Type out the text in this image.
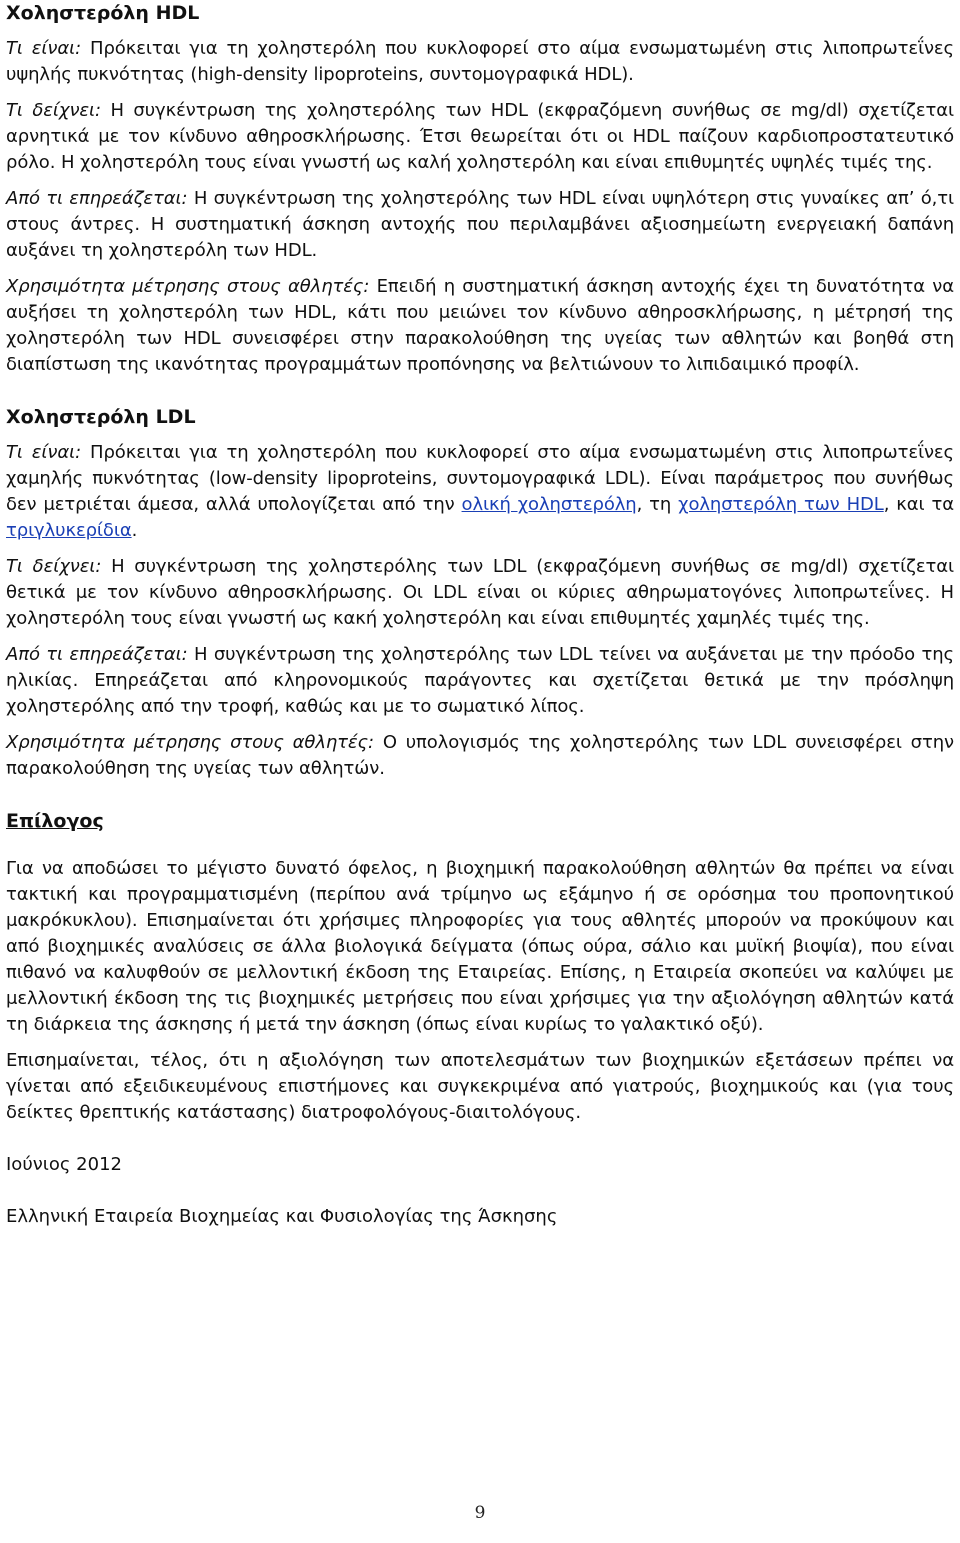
Χοληστερόλη HDL

Τι είναι: Πρόκειται για τη χοληστερόλη που κυκλοφορεί στο αίμα ενσωματωμένη στις λιποπρωτεΐνες υψηλής πυκνότητας (high-density lipoproteins, συντομογραφικά HDL).

Τι δείχνει: Η συγκέντρωση της χοληστερόλης των HDL (εκφραζόμενη συνήθως σε mg/dl) σχετίζεται αρνητικά με τον κίνδυνο αθηροσκλήρωσης. Έτσι θεωρείται ότι οι HDL παίζουν καρδιοπροστατευτικό ρόλο. Η χοληστερόλη τους είναι γνωστή ως καλή χοληστερόλη και είναι επιθυμητές υψηλές τιμές της.

Από τι επηρεάζεται: Η συγκέντρωση της χοληστερόλης των HDL είναι υψηλότερη στις γυναίκες απ’ ό,τι στους άντρες. Η συστηματική άσκηση αντοχής που περιλαμβάνει αξιοσημείωτη ενεργειακή δαπάνη αυξάνει τη χοληστερόλη των HDL.

Χρησιμότητα μέτρησης στους αθλητές: Επειδή η συστηματική άσκηση αντοχής έχει τη δυνατότητα να αυξήσει τη χοληστερόλη των HDL, κάτι που μειώνει τον κίνδυνο αθηροσκλήρωσης, η μέτρησή της χοληστερόλη των HDL συνεισφέρει στην παρακολούθηση της υγείας των αθλητών και βοηθά στη διαπίστωση της ικανότητας προγραμμάτων προπόνησης να βελτιώνουν το λιπιδαιμικό προφίλ.

Χοληστερόλη LDL

Τι είναι: Πρόκειται για τη χοληστερόλη που κυκλοφορεί στο αίμα ενσωματωμένη στις λιποπρωτεΐνες χαμηλής πυκνότητας (low-density lipoproteins, συντομογραφικά LDL). Είναι παράμετρος που συνήθως δεν μετριέται άμεσα, αλλά υπολογίζεται από την ολική χοληστερόλη, τη χοληστερόλη των HDL, και τα τριγλυκερίδια.

Τι δείχνει: Η συγκέντρωση της χοληστερόλης των LDL (εκφραζόμενη συνήθως σε mg/dl) σχετίζεται θετικά με τον κίνδυνο αθηροσκλήρωσης. Οι LDL είναι οι κύριες αθηρωματογόνες λιποπρωτεΐνες. Η χοληστερόλη τους είναι γνωστή ως κακή χοληστερόλη και είναι επιθυμητές χαμηλές τιμές της.

Από τι επηρεάζεται: Η συγκέντρωση της χοληστερόλης των LDL τείνει να αυξάνεται με την πρόοδο της ηλικίας. Επηρεάζεται από κληρονομικούς παράγοντες και σχετίζεται θετικά με την πρόσληψη χοληστερόλης από την τροφή, καθώς και με το σωματικό λίπος.

Χρησιμότητα μέτρησης στους αθλητές: Ο υπολογισμός της χοληστερόλης των LDL συνεισφέρει στην παρακολούθηση της υγείας των αθλητών.

Επίλογος

Για να αποδώσει το μέγιστο δυνατό όφελος, η βιοχημική παρακολούθηση αθλητών θα πρέπει να είναι τακτική και προγραμματισμένη (περίπου ανά τρίμηνο ως εξάμηνο ή σε ορόσημα του προπονητικού μακρόκυκλου). Επισημαίνεται ότι χρήσιμες πληροφορίες για τους αθλητές μπορούν να προκύψουν και από βιοχημικές αναλύσεις σε άλλα βιολογικά δείγματα (όπως ούρα, σάλιο και μυϊκή βιοψία), που είναι πιθανό να καλυφθούν σε μελλοντική έκδοση της Εταιρείας. Επίσης, η Εταιρεία σκοπεύει να καλύψει με μελλοντική έκδοση της τις βιοχημικές μετρήσεις που είναι χρήσιμες για την αξιολόγηση αθλητών κατά τη διάρκεια της άσκησης ή μετά την άσκηση (όπως είναι κυρίως το γαλακτικό οξύ).

Επισημαίνεται, τέλος, ότι η αξιολόγηση των αποτελεσμάτων των βιοχημικών εξετάσεων πρέπει να γίνεται από εξειδικευμένους επιστήμονες και συγκεκριμένα από γιατρούς, βιοχημικούς και (για τους δείκτες θρεπτικής κατάστασης) διατροφολόγους-διαιτολόγους.

Ιούνιος 2012

Ελληνική Εταιρεία Βιοχημείας και Φυσιολογίας της Άσκησης

9
